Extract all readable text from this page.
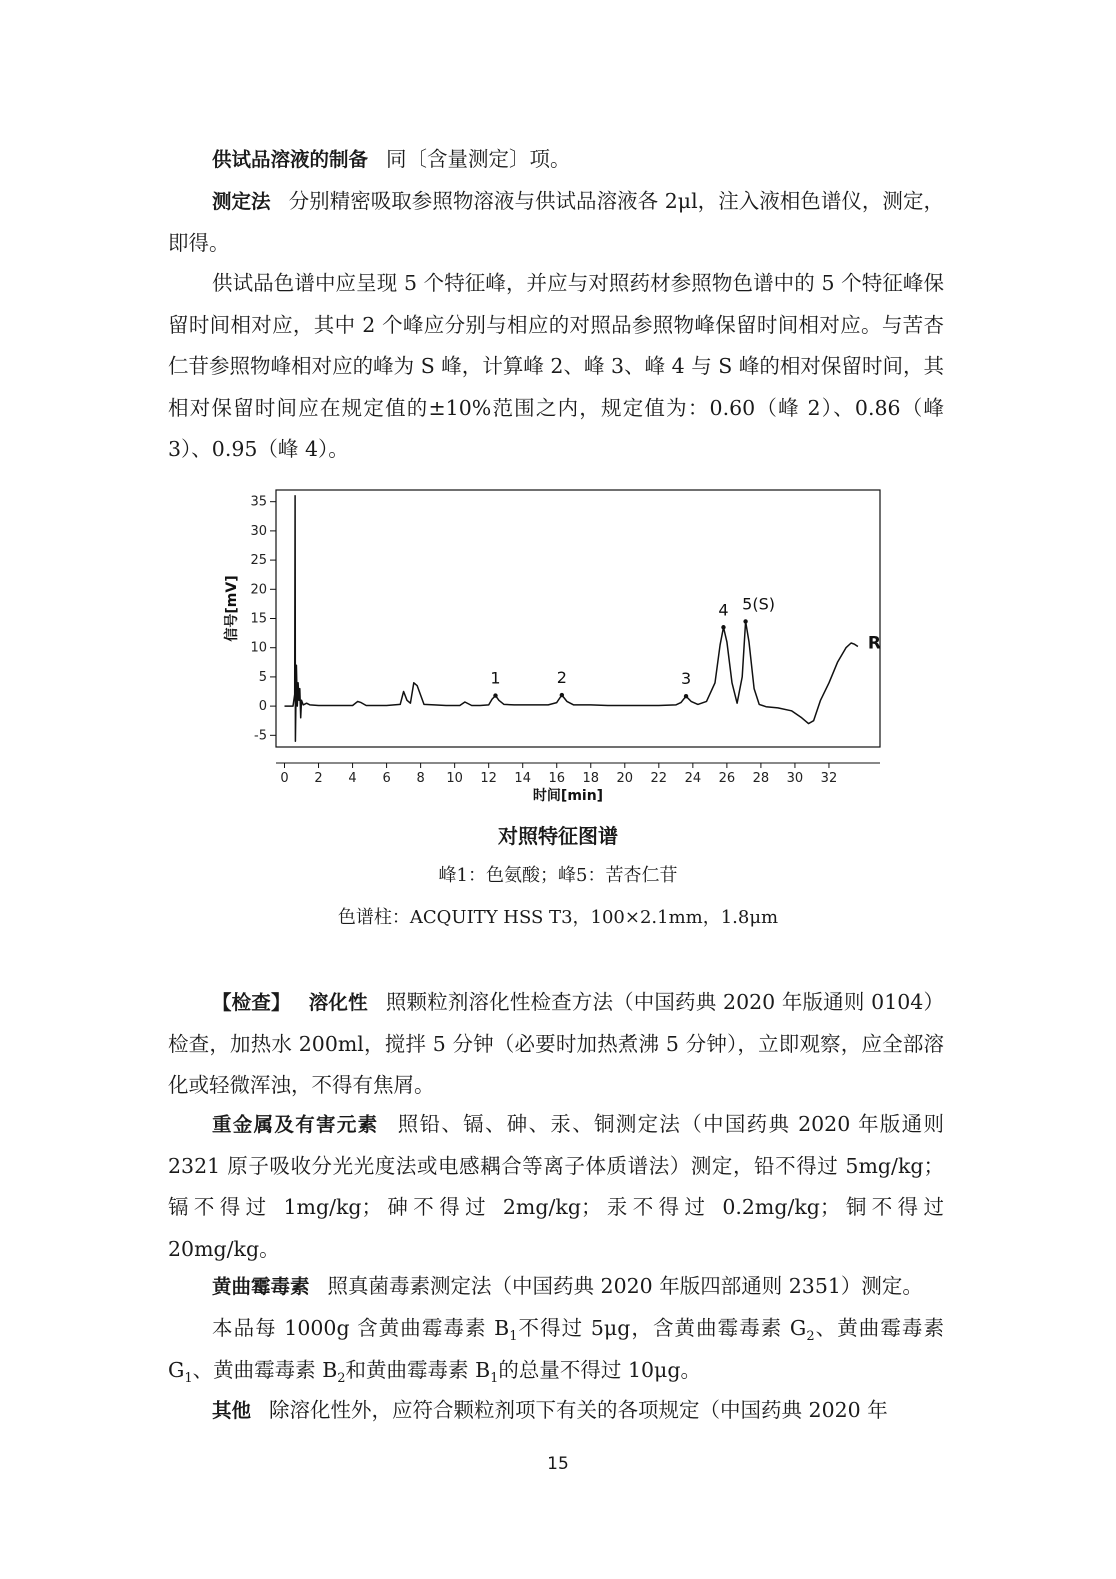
供试品溶液的制备 同〔含量测定〕项。

测定法 分别精密吸取参照物溶液与供试品溶液各 2μl，注入液相色谱仪，测定，即得。

供试品色谱中应呈现 5 个特征峰，并应与对照药材参照物色谱中的 5 个特征峰保留时间相对应，其中 2 个峰应分别与相应的对照品参照物峰保留时间相对应。与苦杏仁苷参照物峰相对应的峰为 S 峰，计算峰 2、峰 3、峰 4 与 S 峰的相对保留时间，其相对保留时间应在规定值的±10%范围之内，规定值为：0.60（峰 2）、0.86（峰 3）、0.95（峰 4）。

-5
0
5
10
15
20
25
30
35
0 2 4 6 8 10 12 14 16 18 20 22 24 26 28 30 32
时间[min]
信号[mV]
1	2	3
4 5(S)
R
对照特征图谱
峰1：色氨酸；峰5：苦杏仁苷
色谱柱：ACQUITY HSS T3，100×2.1mm，1.8μm

【检查】 溶化性 照颗粒剂溶化性检查方法（中国药典 2020 年版通则 0104）检查，加热水 200ml，搅拌 5 分钟（必要时加热煮沸 5 分钟），立即观察，应全部溶化或轻微浑浊，不得有焦屑。

重金属及有害元素 照铅、镉、砷、汞、铜测定法（中国药典 2020 年版通则 2321 原子吸收分光光度法或电感耦合等离子体质谱法）测定，铅不得过 5mg/kg；镉不得过 1mg/kg；砷不得过 2mg/kg；汞不得过 0.2mg/kg；铜不得过 20mg/kg。

黄曲霉毒素 照真菌毒素测定法（中国药典 2020 年版四部通则 2351）测定。

本品每 1000g 含黄曲霉毒素 $B_1$不得过 5μg，含黄曲霉毒素 $G_2$、黄曲霉毒素 $G_1$、黄曲霉毒素 $B_2$和黄曲霉毒素 $B_1$的总量不得过 10μg。

其他 除溶化性外，应符合颗粒剂项下有关的各项规定（中国药典 2020 年

15
